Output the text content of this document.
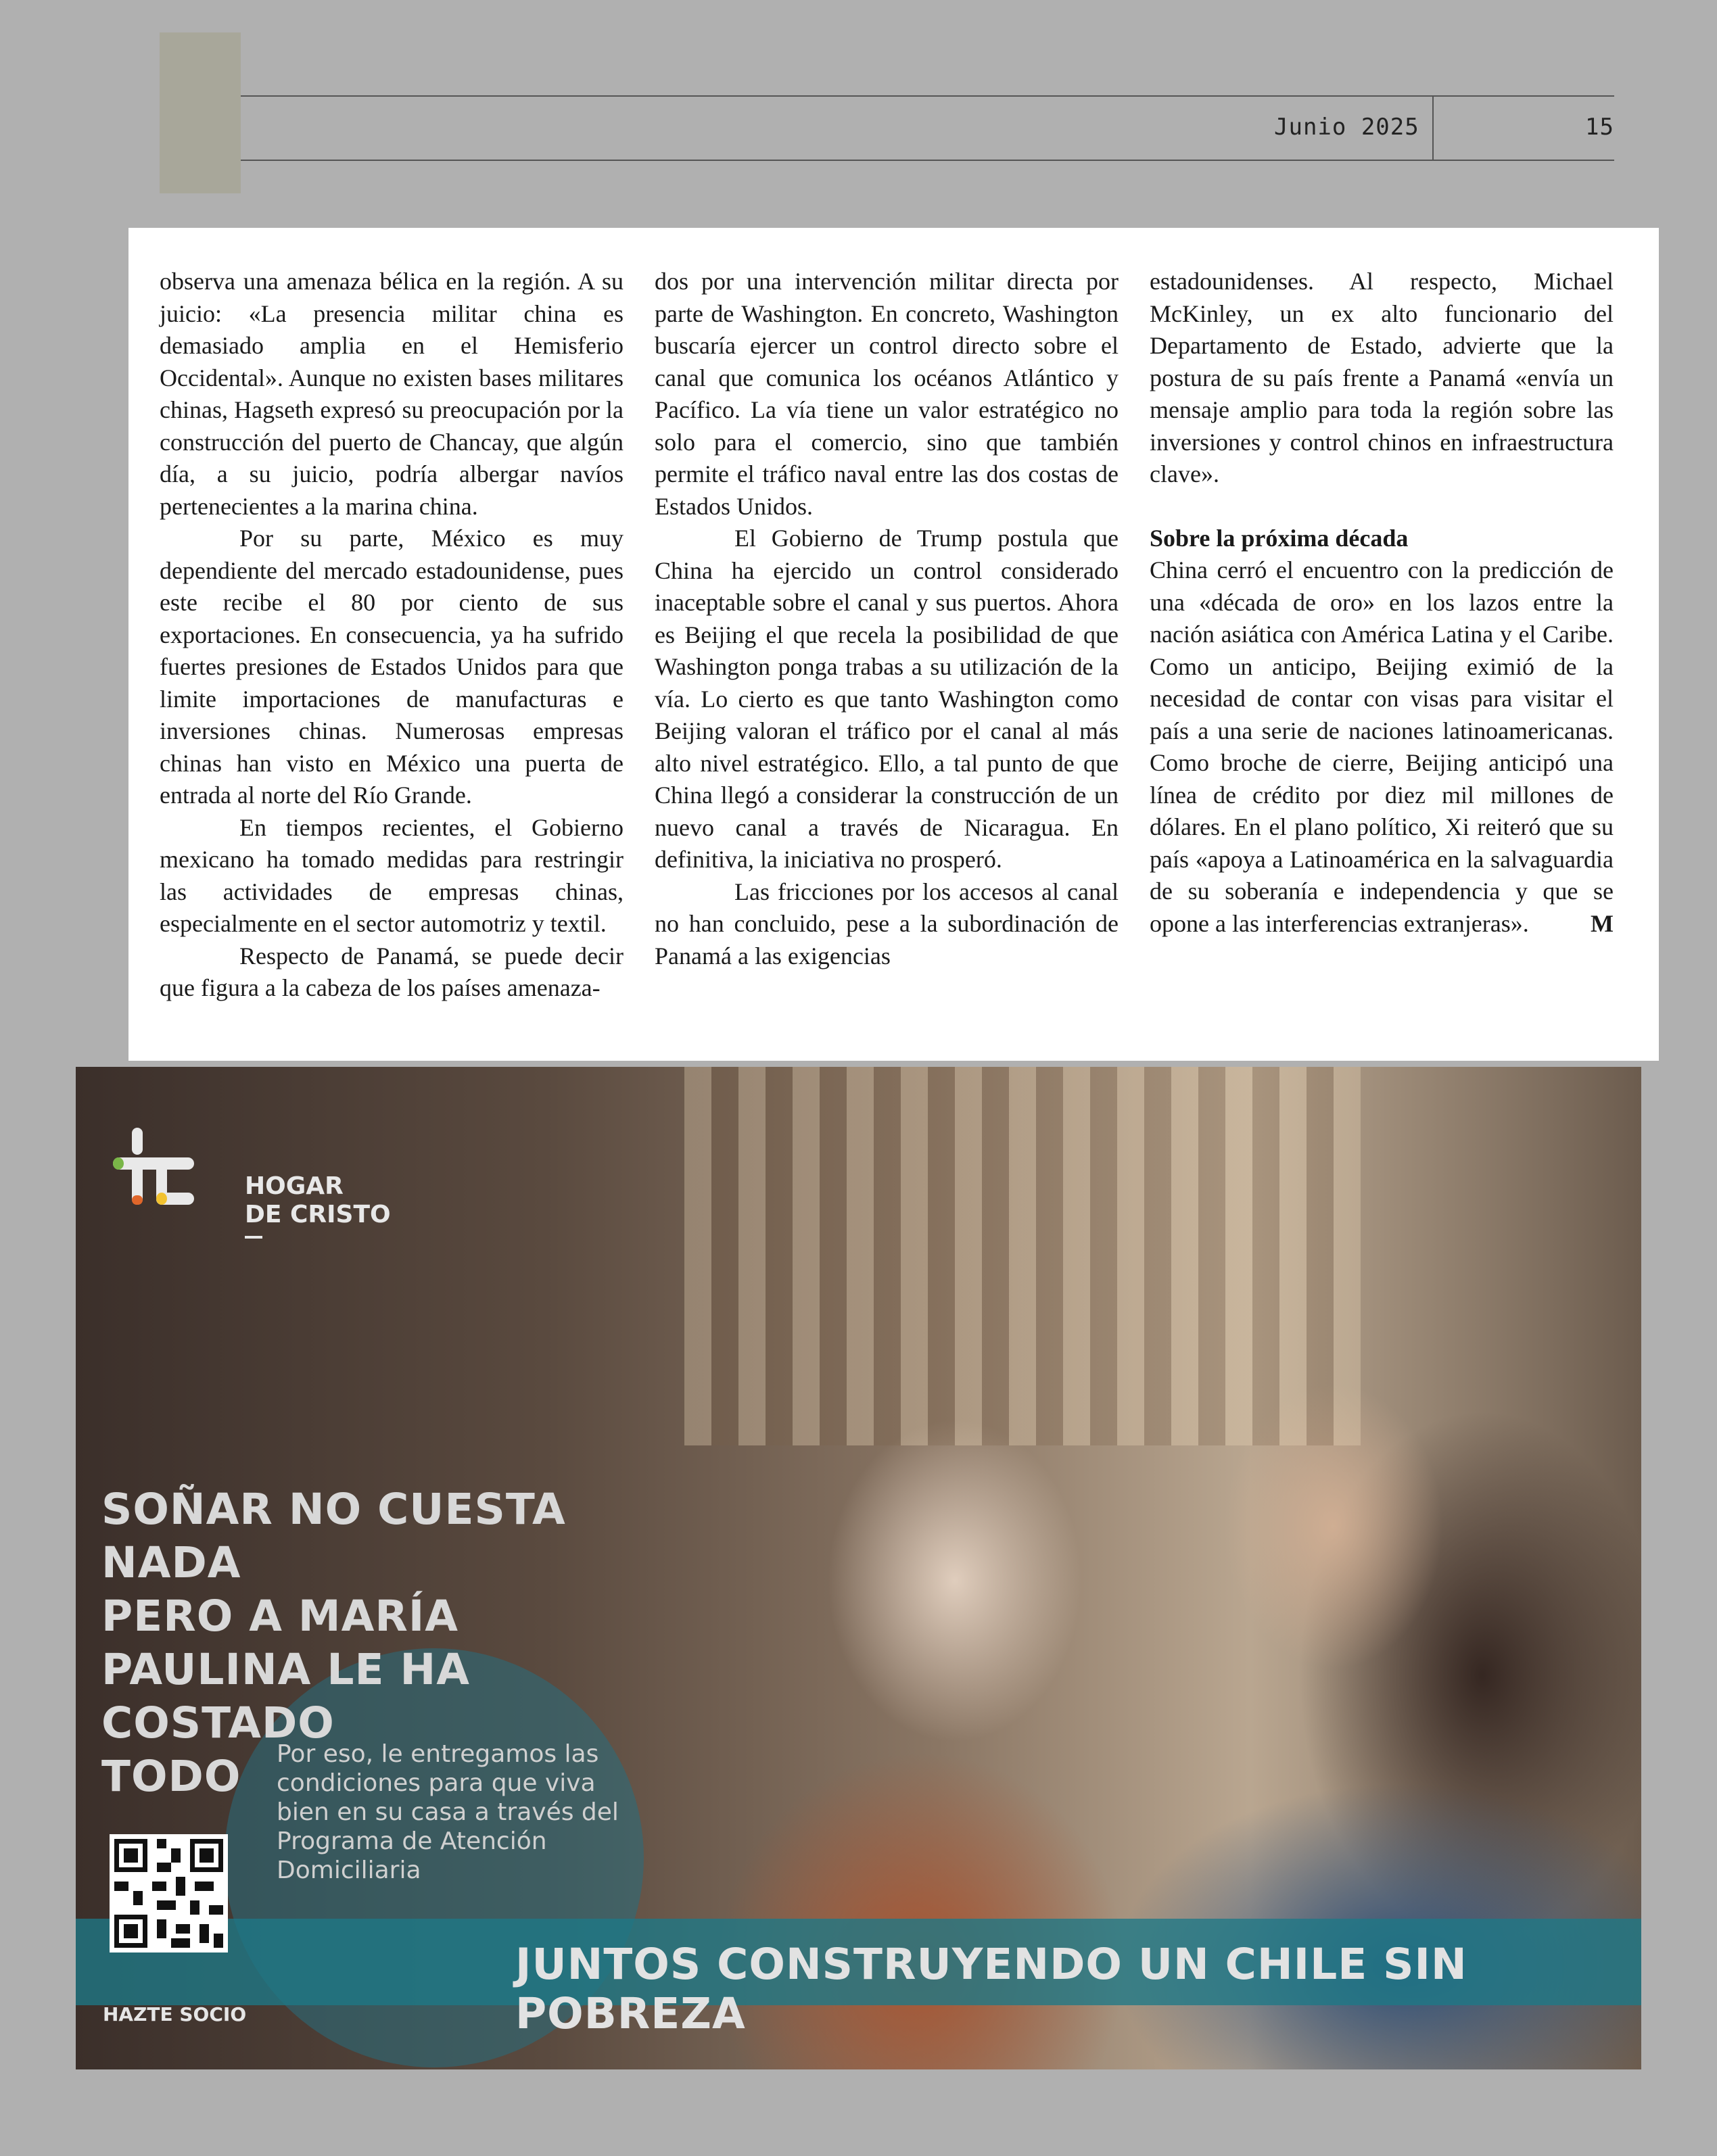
Junio 2025	15

observa una amenaza bélica en la región. A su juicio: «La presencia militar china es demasiado amplia en el Hemisferio Occidental». Aunque no existen bases militares chinas, Hagseth expresó su preocupación por la construcción del puerto de Chancay, que algún día, a su juicio, podría albergar navíos pertenecientes a la marina china.

Por su parte, México es muy dependiente del mercado estadounidense, pues este recibe el 80 por ciento de sus exportaciones. En consecuencia, ya ha sufrido fuertes presiones de Estados Unidos para que limite importaciones de manufacturas e inversiones chinas. Numerosas empresas chinas han visto en México una puerta de entrada al norte del Río Grande.

En tiempos recientes, el Gobierno mexicano ha tomado medidas para restringir las actividades de empresas chinas, especialmente en el sector automotriz y textil.

Respecto de Panamá, se puede decir que figura a la cabeza de los países amenaza-

dos por una intervención militar directa por parte de Washington. En concreto, Washington buscaría ejercer un control directo sobre el canal que comunica los océanos Atlántico y Pacífico. La vía tiene un valor estratégico no solo para el comercio, sino que también permite el tráfico naval entre las dos costas de Estados Unidos.

El Gobierno de Trump postula que China ha ejercido un control considerado inaceptable sobre el canal y sus puertos. Ahora es Beijing el que recela la posibilidad de que Washington ponga trabas a su utilización de la vía. Lo cierto es que tanto Washington como Beijing valoran el tráfico por el canal al más alto nivel estratégico. Ello, a tal punto de que China llegó a considerar la construcción de un nuevo canal a través de Nicaragua. En definitiva, la iniciativa no prosperó.

Las fricciones por los accesos al canal no han concluido, pese a la subordinación de Panamá a las exigencias

estadounidenses. Al respecto, Michael McKinley, un ex alto funcionario del Departamento de Estado, advierte que la postura de su país frente a Panamá «envía un mensaje amplio para toda la región sobre las inversiones y control chinos en infraestructura clave».

Sobre la próxima década

China cerró el encuentro con la predicción de una «década de oro» en los lazos entre la nación asiática con América Latina y el Caribe. Como un anticipo, Beijing eximió de la necesidad de contar con visas para visitar el país a una serie de naciones latinoamericanas. Como broche de cierre, Beijing anticipó una línea de crédito por diez mil millones de dólares. En el plano político, Xi reiteró que su país «apoya a Latinoamérica en la salvaguardia de su soberanía e independencia y que se opone a las interferencias extranjeras».	M

HOGAR
DE CRISTO
SOÑAR NO CUESTA NADA
PERO A MARÍA
PAULINA LE HA
COSTADO
TODO	Por eso, le entregamos las condiciones para que viva bien en su casa a través del Programa de Atención Domiciliaria
JUNTOS CONSTRUYENDO UN CHILE SIN POBREZA
HAZTE SOCIO
